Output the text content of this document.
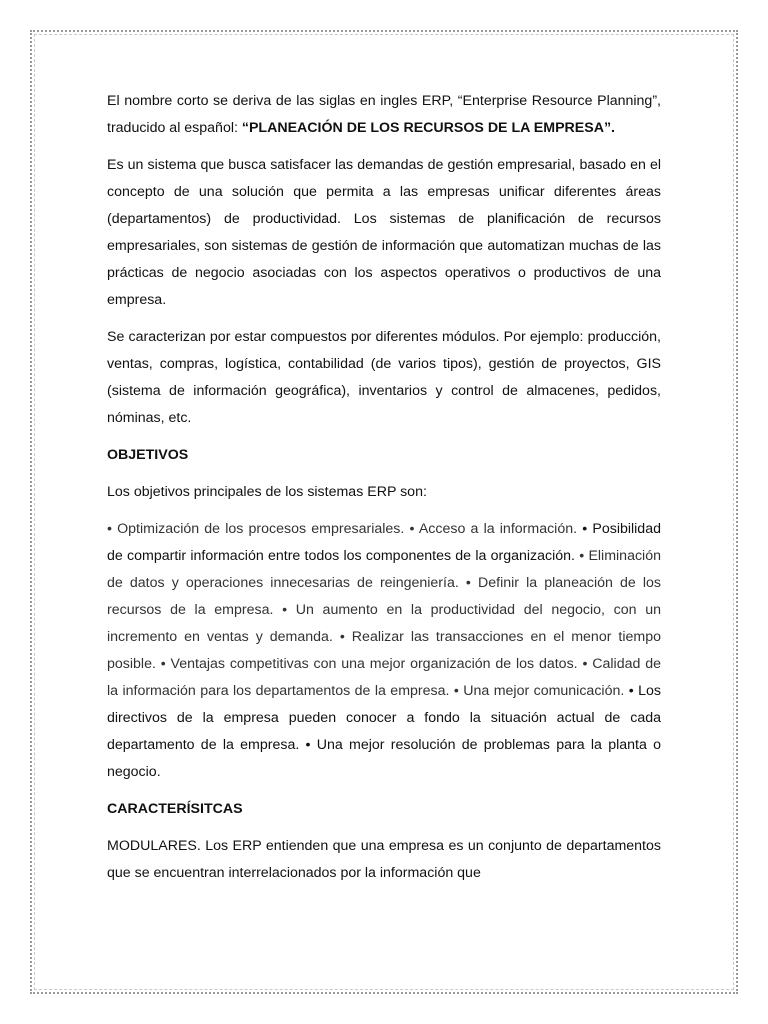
El nombre corto se deriva de las siglas en ingles ERP, “Enterprise Resource Planning”, traducido al español: “PLANEACIÓN DE LOS RECURSOS DE LA EMPRESA”.

Es un sistema que busca satisfacer las demandas de gestión empresarial, basado en el concepto de una solución que permita a las empresas unificar diferentes áreas (departamentos) de productividad. Los sistemas de planificación de recursos empresariales, son sistemas de gestión de información que automatizan muchas de las prácticas de negocio asociadas con los aspectos operativos o productivos de una empresa.

Se caracterizan por estar compuestos por diferentes módulos. Por ejemplo: producción, ventas, compras, logística, contabilidad (de varios tipos), gestión de proyectos, GIS (sistema de información geográfica), inventarios y control de almacenes, pedidos, nóminas, etc.

OBJETIVOS

Los objetivos principales de los sistemas ERP son:

• Optimización de los procesos empresariales. • Acceso a la información. • Posibilidad de compartir información entre todos los componentes de la organización. • Eliminación de datos y operaciones innecesarias de reingeniería. • Definir la planeación de los recursos de la empresa. • Un aumento en la productividad del negocio, con un incremento en ventas y demanda. • Realizar las transacciones en el menor tiempo posible. • Ventajas competitivas con una mejor organización de los datos. • Calidad de la información para los departamentos de la empresa. • Una mejor comunicación. • Los directivos de la empresa pueden conocer a fondo la situación actual de cada departamento de la empresa. • Una mejor resolución de problemas para la planta o negocio.

CARACTERÍSITCAS

MODULARES. Los ERP entienden que una empresa es un conjunto de departamentos que se encuentran interrelacionados por la información que
